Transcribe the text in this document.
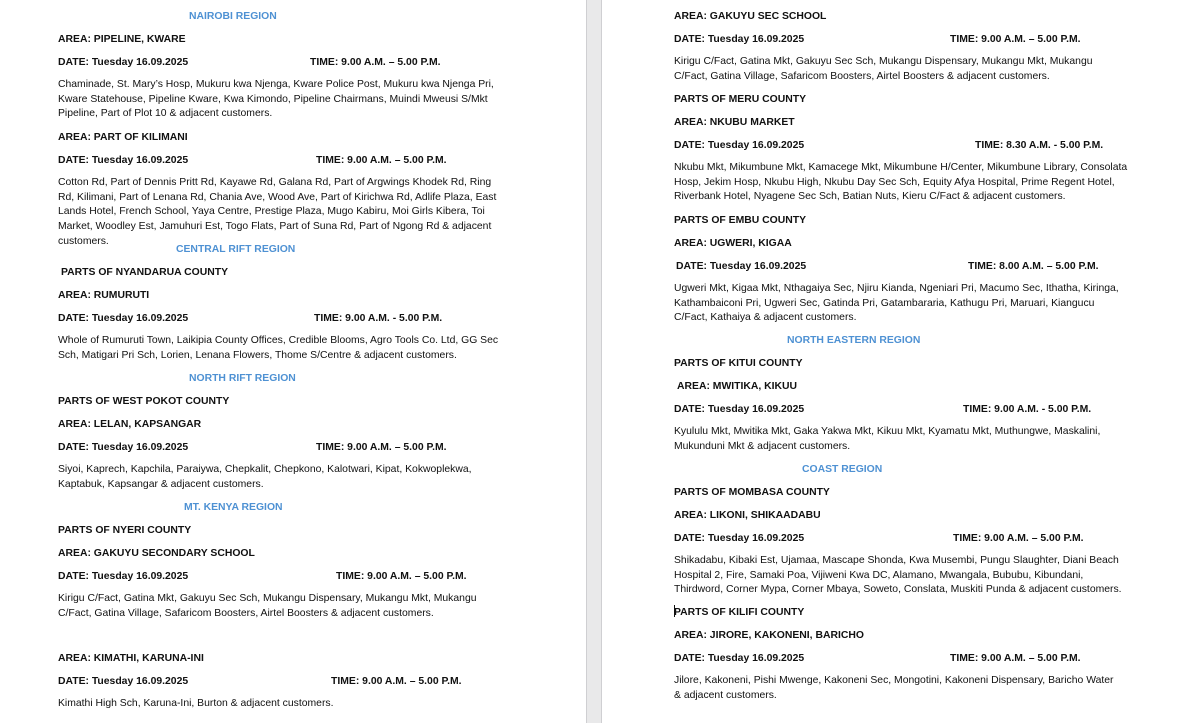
NAIROBI REGION
AREA: PIPELINE, KWARE
DATE: Tuesday 16.09.2025	TIME: 9.00 A.M. – 5.00 P.M.
Chaminade, St. Mary’s Hosp, Mukuru kwa Njenga, Kware Police Post, Mukuru kwa Njenga Pri, Kware Statehouse, Pipeline Kware, Kwa Kimondo, Pipeline Chairmans, Muindi Mweusi S/Mkt Pipeline, Part of Plot 10 & adjacent customers.
AREA: PART OF KILIMANI
DATE: Tuesday 16.09.2025	TIME: 9.00 A.M. – 5.00 P.M.
Cotton Rd, Part of Dennis Pritt Rd, Kayawe Rd, Galana Rd, Part of Argwings Khodek Rd, Ring Rd, Kilimani, Part of Lenana Rd, Chania Ave, Wood Ave, Part of Kirichwa Rd, Adlife Plaza, East Lands Hotel, French School, Yaya Centre, Prestige Plaza, Mugo Kabiru, Moi Girls Kibera, Toi Market, Woodley Est, Jamuhuri Est, Togo Flats, Part of Suna Rd, Part of Ngong Rd & adjacent customers.
CENTRAL RIFT REGION
PARTS OF NYANDARUA COUNTY
AREA: RUMURUTI
DATE: Tuesday 16.09.2025	TIME: 9.00 A.M. - 5.00 P.M.
Whole of Rumuruti Town, Laikipia County Offices, Credible Blooms, Agro Tools Co. Ltd, GG Sec Sch, Matigari Pri Sch, Lorien, Lenana Flowers, Thome S/Centre & adjacent customers.
NORTH RIFT REGION
PARTS OF WEST POKOT COUNTY
AREA: LELAN, KAPSANGAR
DATE: Tuesday 16.09.2025	TIME: 9.00 A.M. – 5.00 P.M.
Siyoi, Kaprech, Kapchila, Paraiywa, Chepkalit, Chepkono, Kalotwari, Kipat, Kokwoplekwa, Kaptabuk, Kapsangar & adjacent customers.
MT. KENYA REGION
PARTS OF NYERI COUNTY
AREA: GAKUYU SECONDARY SCHOOL
DATE: Tuesday 16.09.2025	TIME: 9.00 A.M. – 5.00 P.M.
Kirigu C/Fact, Gatina Mkt, Gakuyu Sec Sch, Mukangu Dispensary, Mukangu Mkt, Mukangu C/Fact, Gatina Village, Safaricom Boosters, Airtel Boosters & adjacent customers.
AREA: KIMATHI, KARUNA-INI
DATE: Tuesday 16.09.2025	TIME: 9.00 A.M. – 5.00 P.M.
Kimathi High Sch, Karuna-Ini, Burton & adjacent customers.
AREA: GAKUYU SEC SCHOOL
DATE: Tuesday 16.09.2025	TIME: 9.00 A.M. – 5.00 P.M.
Kirigu C/Fact, Gatina Mkt, Gakuyu Sec Sch, Mukangu Dispensary, Mukangu Mkt, Mukangu C/Fact, Gatina Village, Safaricom Boosters, Airtel Boosters & adjacent customers.
PARTS OF MERU COUNTY
AREA: NKUBU MARKET
DATE: Tuesday 16.09.2025	TIME: 8.30 A.M. - 5.00 P.M.
Nkubu Mkt, Mikumbune Mkt, Kamacege Mkt, Mikumbune H/Center, Mikumbune Library, Consolata Hosp, Jekim Hosp, Nkubu High, Nkubu Day Sec Sch, Equity Afya Hospital, Prime Regent Hotel, Riverbank Hotel, Nyagene Sec Sch, Batian Nuts, Kieru C/Fact & adjacent customers.
PARTS OF EMBU COUNTY
AREA: UGWERI, KIGAA
DATE: Tuesday 16.09.2025	TIME: 8.00 A.M. – 5.00 P.M.
Ugweri Mkt, Kigaa Mkt, Nthagaiya Sec, Njiru Kianda, Ngeniari Pri, Macumo Sec, Ithatha, Kiringa, Kathambaiconi Pri, Ugweri Sec, Gatinda Pri, Gatambararia, Kathugu Pri, Maruari, Kiangucu C/Fact, Kathaiya & adjacent customers.
NORTH EASTERN REGION
PARTS OF KITUI COUNTY
AREA: MWITIKA, KIKUU
DATE: Tuesday 16.09.2025	TIME: 9.00 A.M. - 5.00 P.M.
Kyululu Mkt, Mwitika Mkt, Gaka Yakwa Mkt, Kikuu Mkt, Kyamatu Mkt, Muthungwe, Maskalini, Mukunduni Mkt & adjacent customers.
COAST REGION
PARTS OF MOMBASA COUNTY
AREA: LIKONI, SHIKAADABU
DATE: Tuesday 16.09.2025	TIME: 9.00 A.M. – 5.00 P.M.
Shikadabu, Kibaki Est, Ujamaa, Mascape Shonda, Kwa Musembi, Pungu Slaughter, Diani Beach Hospital 2, Fire, Samaki Poa, Vijiweni Kwa DC, Alamano, Mwangala, Bububu, Kibundani, Thirdword, Corner Mypa, Corner Mbaya, Soweto, Conslata, Muskiti Punda & adjacent customers.
PARTS OF KILIFI COUNTY
AREA: JIRORE, KAKONENI, BARICHO
DATE: Tuesday 16.09.2025	TIME: 9.00 A.M. – 5.00 P.M.
Jilore, Kakoneni, Pishi Mwenge, Kakoneni Sec, Mongotini, Kakoneni Dispensary, Baricho Water & adjacent customers.
